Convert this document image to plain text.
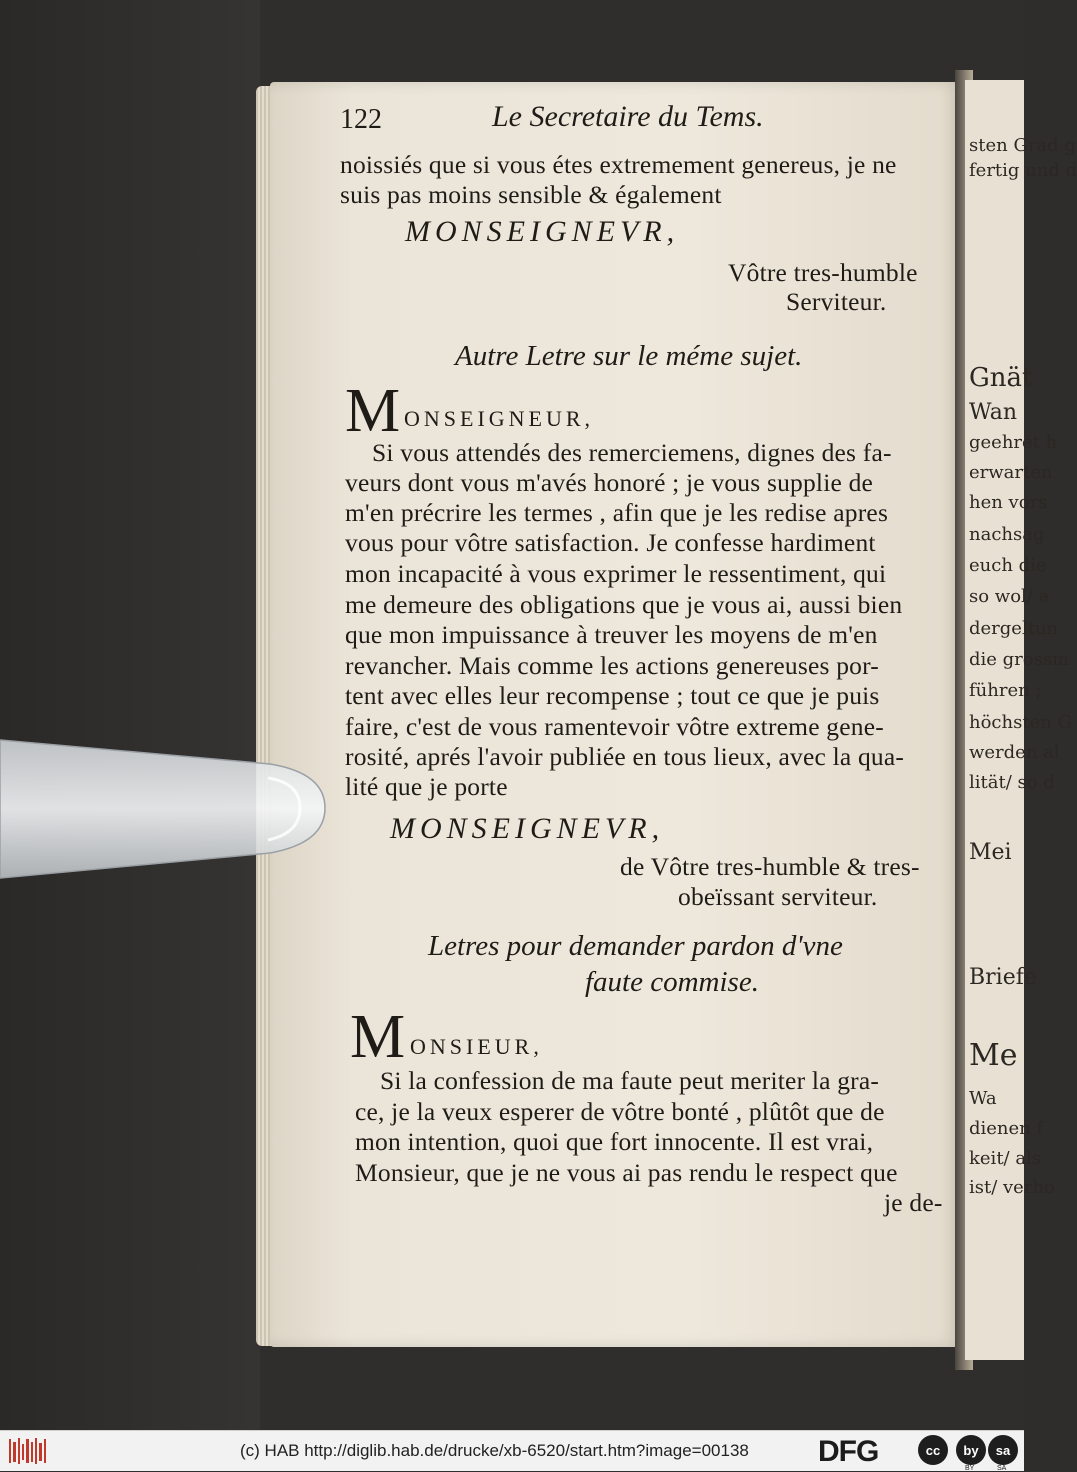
sten Grad g
fertig und d
Gnät
Wan
geehret h
erwarten
hen vors
nachsag
euch die
so wol/ a
dergeltun
die grossm
führen ;
höchsten G
werden al
lität/ so d
Mei
Briefe
Me
Wa
dienen f
keit/ als
ist/ verho
122	Le Secretaire du Tems.
noissiés que si vous étes extremement genereus, je ne
suis pas moins sensible & également
MONSEIGNEVR,
Vôtre tres-humble
Serviteur.
Autre Letre sur le méme sujet.
M ONSEIGNEUR,
Si vous attendés des remerciemens, dignes des fa-
veurs dont vous m'avés honoré ; je vous supplie de
m'en précrire les termes , afin que je les redise apres
vous pour vôtre satisfaction. Je confesse hardiment
mon incapacité à vous exprimer le ressentiment, qui
me demeure des obligations que je vous ai, aussi bien
que mon impuissance à treuver les moyens de m'en
revancher. Mais comme les actions genereuses por-
tent avec elles leur recompense ; tout ce que je puis
faire, c'est de vous ramentevoir vôtre extreme gene-
rosité, aprés l'avoir publiée en tous lieux, avec la qua-
lité que je porte
MONSEIGNEVR,
de Vôtre tres-humble & tres-
obeïssant serviteur.
Letres pour demander pardon d'vne
faute commise.
M ONSIEUR,
Si la confession de ma faute peut meriter la gra-
ce, je la veux esperer de vôtre bonté , plûtôt que de
mon intention, quoi que fort innocente. Il est vrai,
Monsieur, que je ne vous ai pas rendu le respect que
je de-
(c) HAB http://diglib.hab.de/drucke/xb-6520/start.htm?image=00138 DFG	cc	by	sa
BY	SA
